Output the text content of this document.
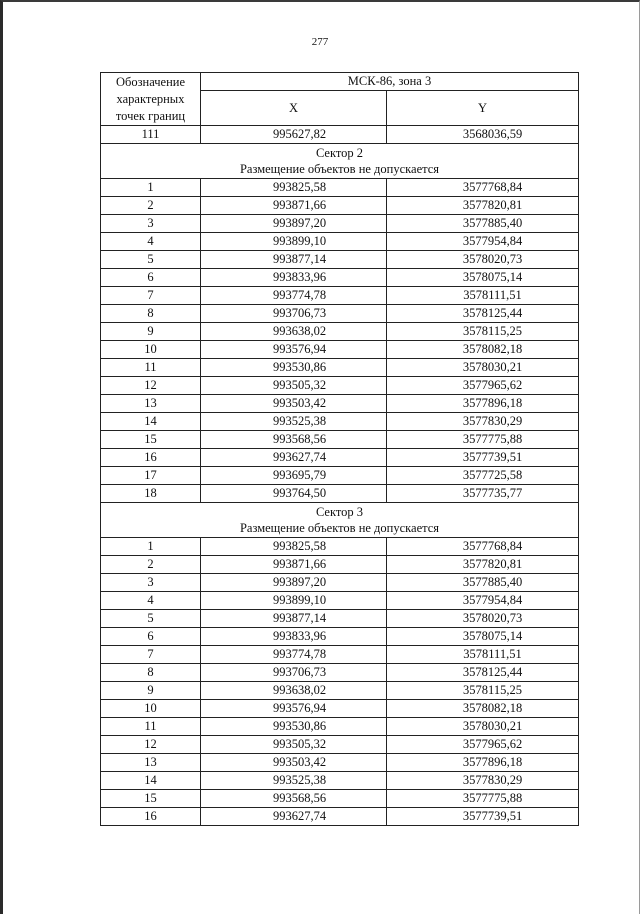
277
Обозначение характерных точек границ	МСК-86, зона 3	
	X	Y
111	995627,82	3568036,59

Сектор 2
Размещение объектов не допускается		

1	993825,58	3577768,84
2	993871,66	3577820,81
3	993897,20	3577885,40
4	993899,10	3577954,84
5	993877,14	3578020,73
6	993833,96	3578075,14
7	993774,78	3578111,51
8	993706,73	3578125,44
9	993638,02	3578115,25
10	993576,94	3578082,18
11	993530,86	3578030,21
12	993505,32	3577965,62
13	993503,42	3577896,18
14	993525,38	3577830,29
15	993568,56	3577775,88
16	993627,74	3577739,51
17	993695,79	3577725,58
18	993764,50	3577735,77

Сектор 3
Размещение объектов не допускается		

1	993825,58	3577768,84
2	993871,66	3577820,81
3	993897,20	3577885,40
4	993899,10	3577954,84
5	993877,14	3578020,73
6	993833,96	3578075,14
7	993774,78	3578111,51
8	993706,73	3578125,44
9	993638,02	3578115,25
10	993576,94	3578082,18
11	993530,86	3578030,21
12	993505,32	3577965,62
13	993503,42	3577896,18
14	993525,38	3577830,29
15	993568,56	3577775,88
16	993627,74	3577739,51
